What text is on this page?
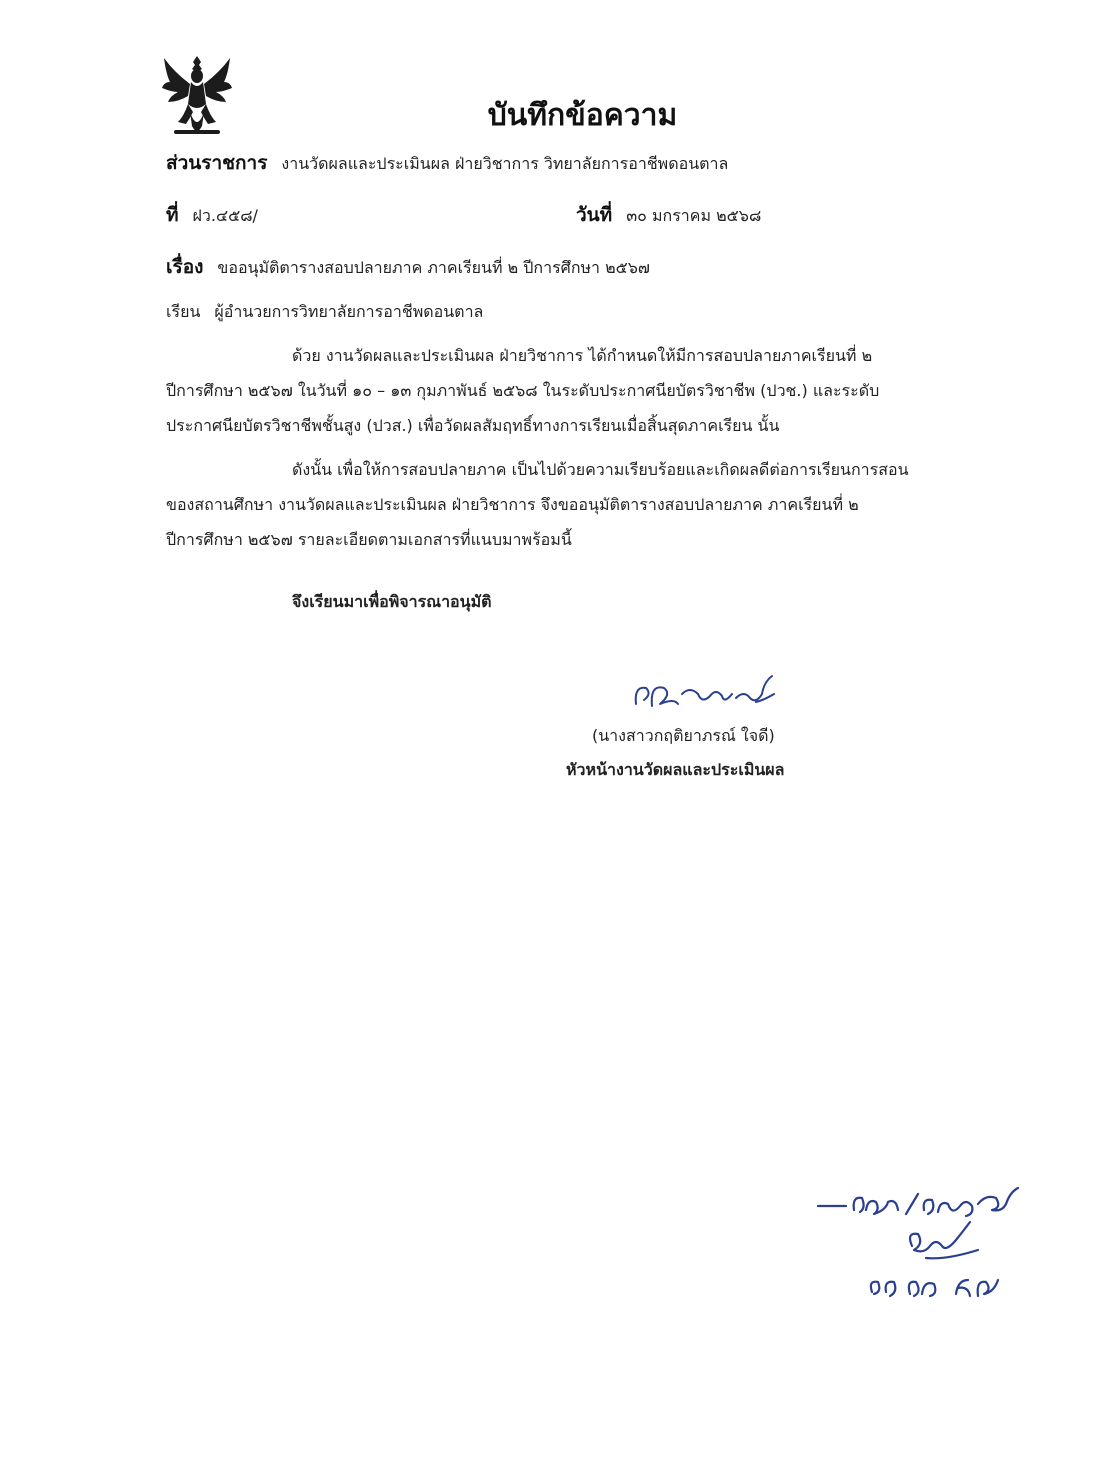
บันทึกข้อความ
ส่วนราชการ งานวัดผลและประเมินผล ฝ่ายวิชาการ วิทยาลัยการอาชีพดอนตาล
ที่ ฝว.๔๕๘/	วันที่ ๓๐ มกราคม ๒๕๖๘
เรื่อง ขออนุมัติตารางสอบปลายภาค ภาคเรียนที่ ๒ ปีการศึกษา ๒๕๖๗
เรียน ผู้อำนวยการวิทยาลัยการอาชีพดอนตาล
ด้วย งานวัดผลและประเมินผล ฝ่ายวิชาการ ได้กำหนดให้มีการสอบปลายภาคเรียนที่ ๒
ปีการศึกษา ๒๕๖๗ ในวันที่ ๑๐ – ๑๓ กุมภาพันธ์ ๒๕๖๘ ในระดับประกาศนียบัตรวิชาชีพ (ปวช.) และระดับ
ประกาศนียบัตรวิชาชีพชั้นสูง (ปวส.) เพื่อวัดผลสัมฤทธิ์ทางการเรียนเมื่อสิ้นสุดภาคเรียน นั้น
ดังนั้น เพื่อให้การสอบปลายภาค เป็นไปด้วยความเรียบร้อยและเกิดผลดีต่อการเรียนการสอน
ของสถานศึกษา งานวัดผลและประเมินผล ฝ่ายวิชาการ จึงขออนุมัติตารางสอบปลายภาค ภาคเรียนที่ ๒
ปีการศึกษา ๒๕๖๗ รายละเอียดตามเอกสารที่แนบมาพร้อมนี้
จึงเรียนมาเพื่อพิจารณาอนุมัติ
(นางสาวกฤติยาภรณ์ ใจดี)
หัวหน้างานวัดผลและประเมินผล
